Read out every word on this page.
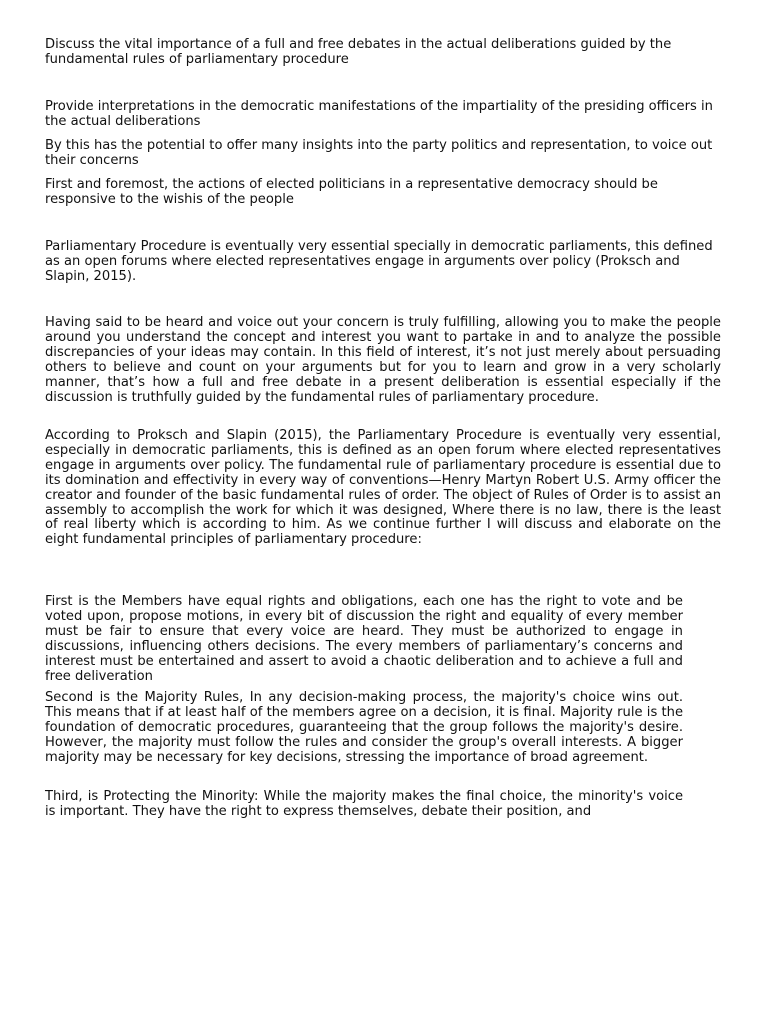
Discuss the vital importance of a full and free debates in the actual deliberations guided by the fundamental rules of parliamentary procedure

Provide interpretations in the democratic manifestations of the impartiality of the presiding officers in the actual deliberations

By this has the potential to offer many insights into the party politics and representation, to voice out their concerns

First and foremost, the actions of elected politicians in a representative democracy should be responsive to the wishis of the people

Parliamentary Procedure is eventually very essential specially in democratic parliaments, this defined as an open forums where elected representatives engage in arguments over policy (Proksch and Slapin, 2015).

Having said to be heard and voice out your concern is truly fulfilling, allowing you to make the people around you understand the concept and interest you want to partake in and to analyze the possible discrepancies of your ideas may contain. In this field of interest, it’s not just merely about persuading others to believe and count on your arguments but for you to learn and grow in a very scholarly manner, that’s how a full and free debate in a present deliberation is essential especially if the discussion is truthfully guided by the fundamental rules of parliamentary procedure.

According to Proksch and Slapin (2015), the Parliamentary Procedure is eventually very essential, especially in democratic parliaments, this is defined as an open forum where elected representatives engage in arguments over policy. The fundamental rule of parliamentary procedure is essential due to its domination and effectivity in every way of conventions—Henry Martyn Robert U.S. Army officer the creator and founder of the basic fundamental rules of order. The object of Rules of Order is to assist an assembly to accomplish the work for which it was designed, Where there is no law, there is the least of real liberty which is according to him. As we continue further I will discuss and elaborate on the eight fundamental principles of parliamentary procedure:

First is the Members have equal rights and obligations, each one has the right to vote and be voted upon, propose motions, in every bit of discussion the right and equality of every member must be fair to ensure that every voice are heard. They must be authorized to engage in discussions, influencing others decisions. The every members of parliamentary’s concerns and interest must be entertained and assert to avoid a chaotic deliberation and to achieve a full and free deliveration

Second is the Majority Rules, In any decision-making process, the majority's choice wins out. This means that if at least half of the members agree on a decision, it is final. Majority rule is the foundation of democratic procedures, guaranteeing that the group follows the majority's desire. However, the majority must follow the rules and consider the group's overall interests. A bigger majority may be necessary for key decisions, stressing the importance of broad agreement.

Third, is Protecting the Minority: While the majority makes the final choice, the minority's voice is important. They have the right to express themselves, debate their position, and
